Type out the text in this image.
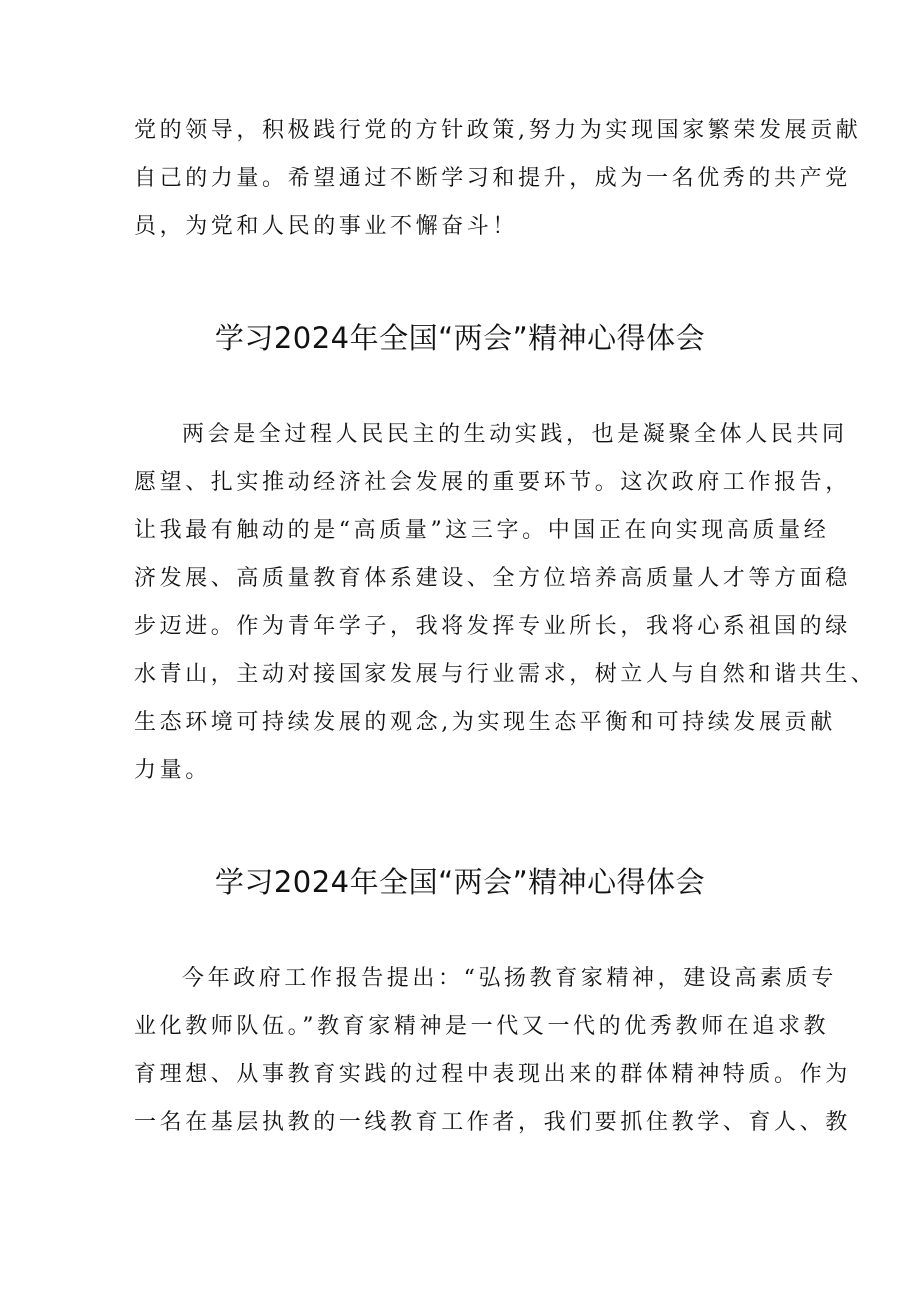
党的领导，积极践行党的方针政策,努力为实现国家繁荣发展贡献
自己的力量。希望通过不断学习和提升，成为一名优秀的共产党
员，为党和人民的事业不懈奋斗！
学习2024年全国“两会”精神心得体会
两会是全过程人民民主的生动实践，也是凝聚全体人民共同
愿望、扎实推动经济社会发展的重要环节。这次政府工作报告，
让我最有触动的是“高质量”这三字。中国正在向实现高质量经
济发展、高质量教育体系建设、全方位培养高质量人才等方面稳
步迈进。作为青年学子，我将发挥专业所长，我将心系祖国的绿
水青山，主动对接国家发展与行业需求，树立人与自然和谐共生、
生态环境可持续发展的观念,为实现生态平衡和可持续发展贡献
力量。
学习2024年全国“两会”精神心得体会
今年政府工作报告提出：“弘扬教育家精神，建设高素质专
业化教师队伍。”教育家精神是一代又一代的优秀教师在追求教
育理想、从事教育实践的过程中表现出来的群体精神特质。作为
一名在基层执教的一线教育工作者，我们要抓住教学、育人、教
